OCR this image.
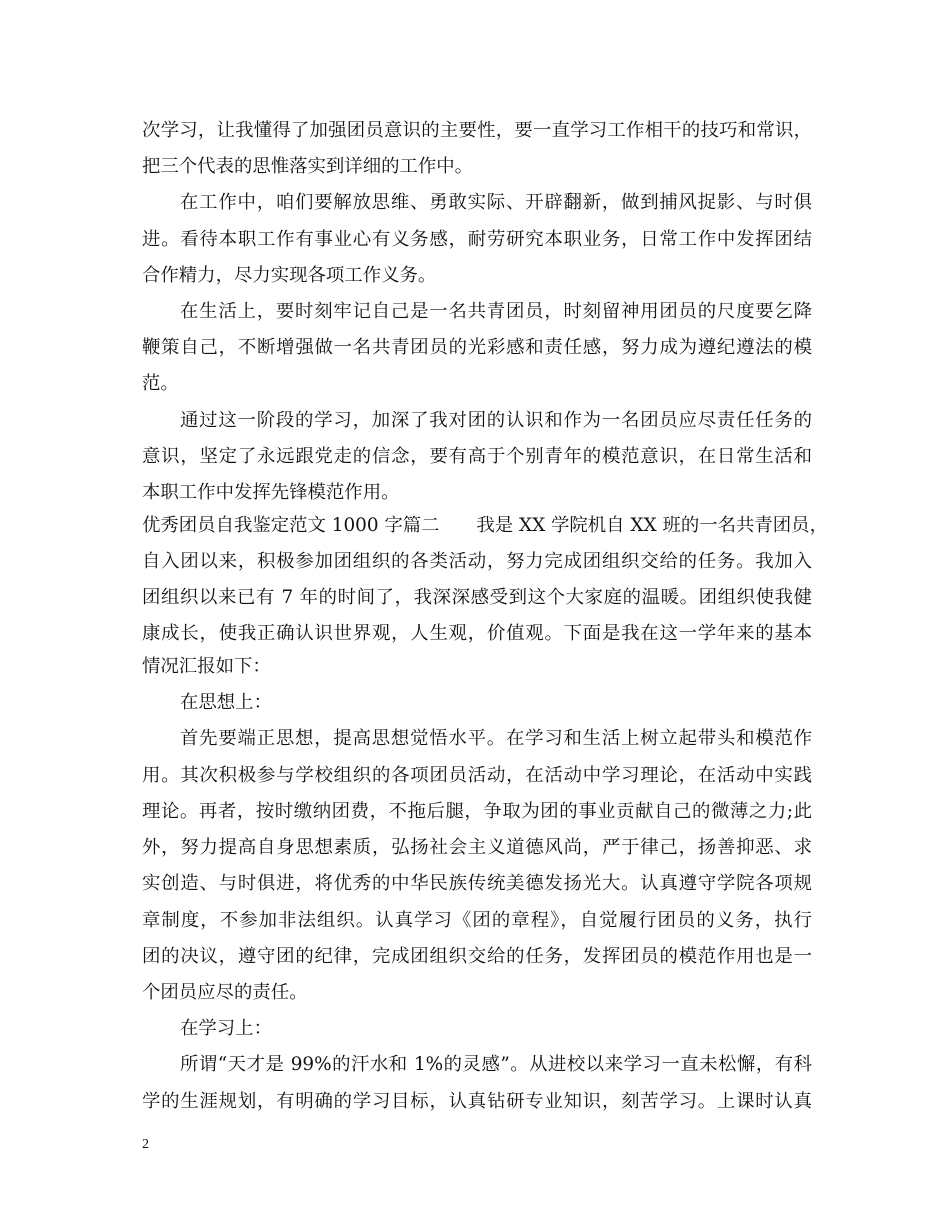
次学习，让我懂得了加强团员意识的主要性，要一直学习工作相干的技巧和常识，
把三个代表的思惟落实到详细的工作中。
在工作中，咱们要解放思维、勇敢实际、开辟翻新，做到捕风捉影、与时俱
进。看待本职工作有事业心有义务感，耐劳研究本职业务，日常工作中发挥团结
合作精力，尽力实现各项工作义务。
在生活上，要时刻牢记自己是一名共青团员，时刻留神用团员的尺度要乞降
鞭策自己，不断增强做一名共青团员的光彩感和责任感，努力成为遵纪遵法的模
范。
通过这一阶段的学习，加深了我对团的认识和作为一名团员应尽责任任务的
意识，坚定了永远跟党走的信念，要有高于个别青年的模范意识，在日常生活和
本职工作中发挥先锋模范作用。
优秀团员自我鉴定范文 1000 字篇二　　我是 XX 学院机自 XX 班的一名共青团员，
自入团以来，积极参加团组织的各类活动，努力完成团组织交给的任务。我加入
团组织以来已有 7 年的时间了，我深深感受到这个大家庭的温暖。团组织使我健
康成长，使我正确认识世界观，人生观，价值观。下面是我在这一学年来的基本
情况汇报如下：
在思想上：
首先要端正思想，提高思想觉悟水平。在学习和生活上树立起带头和模范作
用。其次积极参与学校组织的各项团员活动，在活动中学习理论，在活动中实践
理论。再者，按时缴纳团费，不拖后腿，争取为团的事业贡献自己的微薄之力;此
外，努力提高自身思想素质，弘扬社会主义道德风尚，严于律己，扬善抑恶、求
实创造、与时俱进，将优秀的中华民族传统美德发扬光大。认真遵守学院各项规
章制度，不参加非法组织。认真学习《团的章程》，自觉履行团员的义务，执行
团的决议，遵守团的纪律，完成团组织交给的任务，发挥团员的模范作用也是一
个团员应尽的责任。
在学习上：
所谓“天才是 99%的汗水和 1%的灵感”。从进校以来学习一直未松懈，有科
学的生涯规划，有明确的学习目标，认真钻研专业知识，刻苦学习。上课时认真
2
